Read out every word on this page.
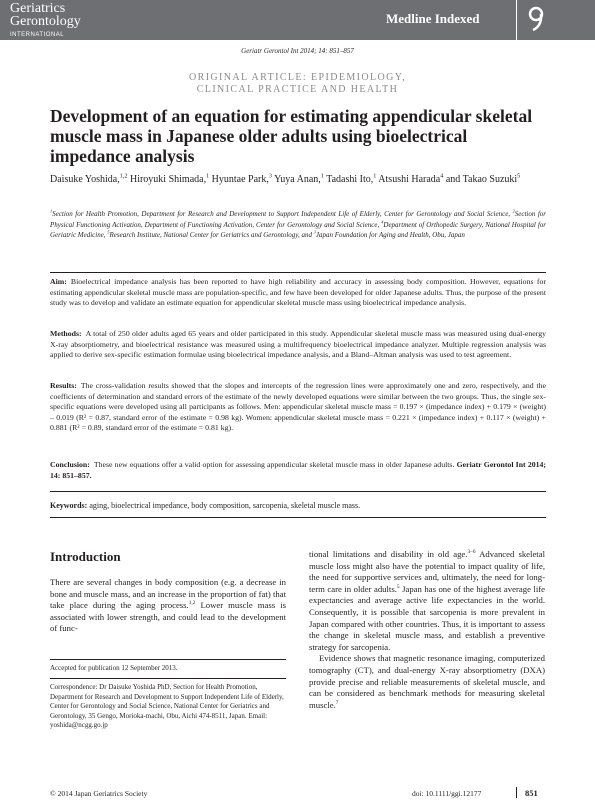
Geriatrics
Gerontology
INTERNATIONAL
Medline Indexed
Geriatr Gerontol Int 2014; 14: 851–857
ORIGINAL ARTICLE: EPIDEMIOLOGY,
CLINICAL PRACTICE AND HEALTH
Development of an equation for estimating appendicular skeletal muscle mass in Japanese older adults using bioelectrical impedance analysis
Daisuke Yoshida,$^{1,2}$ Hiroyuki Shimada,$^1$ Hyuntae Park,$^3$ Yuya Anan,$^1$ Tadashi Ito,$^1$ Atsushi Harada$^4$ and Takao Suzuki$^5$
$^1$Section for Health Promotion, Department for Research and Development to Support Independent Life of Elderly, Center for Gerontology and Social Science, $^2$Section for Physical Functioning Activation, Department of Functioning Activation, Center for Gerontology and Social Science, $^4$Department of Orthopedic Surgery, National Hospital for Geriatric Medicine, $^5$Research Institute, National Center for Geriatrics and Gerontology, and $^3$Japan Foundation for Aging and Health, Obu, Japan
Aim: Bioelectrical impedance analysis has been reported to have high reliability and accuracy in assessing body composition. However, equations for estimating appendicular skeletal muscle mass are population-specific, and few have been developed for older Japanese adults. Thus, the purpose of the present study was to develop and validate an estimate equation for appendicular skeletal muscle mass using bioelectrical impedance analysis.
Methods: A total of 250 older adults aged 65 years and older participated in this study. Appendicular skeletal muscle mass was measured using dual-energy X-ray absorptiometry, and bioelectrical resistance was measured using a multifrequency bioelectrical impedance analyzer. Multiple regression analysis was applied to derive sex-specific estimation formulae using bioelectrical impedance analysis, and a Bland–Altman analysis was used to test agreement.
Results: The cross-validation results showed that the slopes and intercepts of the regression lines were approximately one and zero, respectively, and the coefficients of determination and standard errors of the estimate of the newly developed equations were similar between the two groups. Thus, the single sex-specific equations were developed using all participants as follows. Men: appendicular skeletal muscle mass = 0.197 × (impedance index) + 0.179 × (weight) – 0.019 (R² = 0.87, standard error of the estimate = 0.98 kg). Women: appendicular skeletal muscle mass = 0.221 × (impedance index) + 0.117 × (weight) + 0.881 (R² = 0.89, standard error of the estimate = 0.81 kg).
Conclusion: These new equations offer a valid option for assessing appendicular skeletal muscle mass in older Japanese adults. Geriatr Gerontol Int 2014; 14: 851–857.
Keywords: aging, bioelectrical impedance, body composition, sarcopenia, skeletal muscle mass.
Introduction
There are several changes in body composition (e.g. a decrease in bone and muscle mass, and an increase in the proportion of fat) that take place during the aging process.$^{1,2}$ Lower muscle mass is associated with lower strength, and could lead to the development of func-

tional limitations and disability in old age.$^{3-6}$ Advanced skeletal muscle loss might also have the potential to impact quality of life, the need for supportive services and, ultimately, the need for long-term care in older adults.$^5$ Japan has one of the highest average life expectancies and average active life expectancies in the world. Consequently, it is possible that sarcopenia is more prevalent in Japan compared with other countries. Thus, it is important to assess the change in skeletal muscle mass, and establish a preventive strategy for sarcopenia.

Evidence shows that magnetic resonance imaging, computerized tomography (CT), and dual-energy X-ray absorptiometry (DXA) provide precise and reliable measurements of skeletal muscle, and can be considered as benchmark methods for measuring skeletal muscle.$^7$

Accepted for publication 12 September 2013.
Correspondence: Dr Daisuke Yoshida PhD, Section for Health Promotion, Department for Research and Development to Support Independent Life of Elderly, Center for Gerontology and Social Science, National Center for Geriatrics and Gerontology, 35 Gengo, Morioka-machi, Obu, Aichi 474-8511, Japan. Email: yoshida@ncgg.go.jp
© 2014 Japan Geriatrics Society	doi: 10.1111/ggi.12177	851
